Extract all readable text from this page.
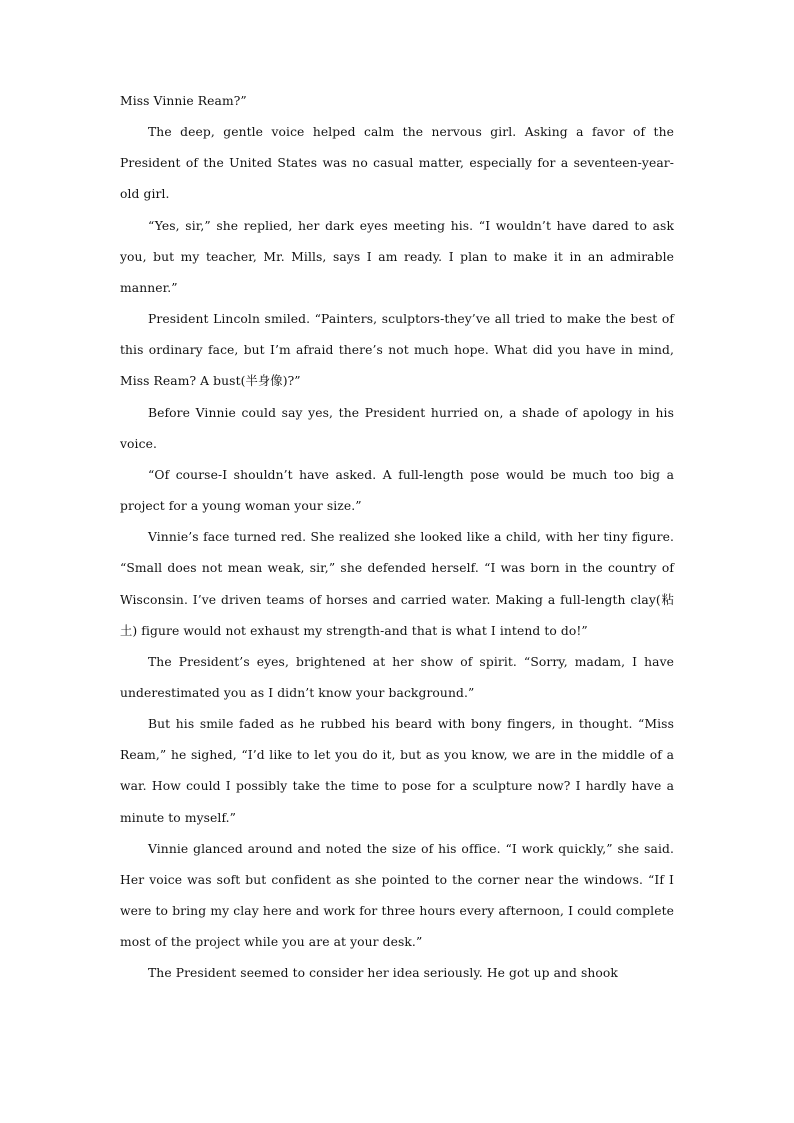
Miss Vinnie Ream?”

The deep, gentle voice helped calm the nervous girl. Asking a favor of the President of the United States was no casual matter, especially for a seventeen-year-old girl.

“Yes, sir,” she replied, her dark eyes meeting his. “I wouldn’t have dared to ask you, but my teacher, Mr. Mills, says I am ready. I plan to make it in an admirable manner.”

President Lincoln smiled. “Painters, sculptors-they’ve all tried to make the best of this ordinary face, but I’m afraid there’s not much hope. What did you have in mind, Miss Ream? A bust(半身像)?”

Before Vinnie could say yes, the President hurried on, a shade of apology in his voice.

“Of course-I shouldn’t have asked. A full-length pose would be much too big a project for a young woman your size.”

Vinnie’s face turned red. She realized she looked like a child, with her tiny figure. “Small does not mean weak, sir,” she defended herself. “I was born in the country of Wisconsin. I’ve driven teams of horses and carried water. Making a full-length clay(粘土) figure would not exhaust my strength-and that is what I intend to do!”

The President’s eyes, brightened at her show of spirit. “Sorry, madam, I have underestimated you as I didn’t know your background.”

But his smile faded as he rubbed his beard with bony fingers, in thought. “Miss Ream,” he sighed, “I’d like to let you do it, but as you know, we are in the middle of a war. How could I possibly take the time to pose for a sculpture now? I hardly have a minute to myself.”

Vinnie glanced around and noted the size of his office. “I work quickly,” she said. Her voice was soft but confident as she pointed to the corner near the windows. “If I were to bring my clay here and work for three hours every afternoon, I could complete most of the project while you are at your desk.”

The President seemed to consider her idea seriously. He got up and shook
